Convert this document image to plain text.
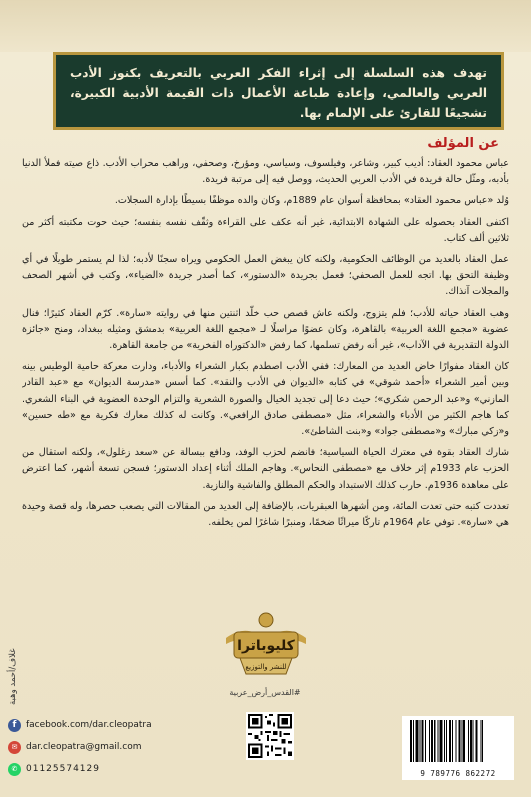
تهدف هذه السلسلة إلى إثراء الفكر العربي بالتعريف بكنوز الأدب العربي والعالمي، وإعادة طباعة الأعمال ذات القيمة الأدبية الكبيرة، تشجيعًا للقارئ على الإلمام بها.

عن المؤلف

عباس محمود العقاد: أديب كبير، وشاعر، وفيلسوف، وسياسي، ومؤرخ، وصحفي، وراهب محراب الأدب. ذاع صيته فملأ الدنيا بأدبه، ومثّل حالة فريدة في الأدب العربي الحديث، ووصل فيه إلى مرتبة فريدة.

وُلد «عباس محمود العقاد» بمحافظة أسوان عام 1889م، وكان والده موظفًا بسيطًا بإدارة السجلات.

اكتفى العقاد بحصوله على الشهادة الابتدائية، غير أنه عكف على القراءة وثقّف نفسه بنفسه؛ حيث حوت مكتبته أكثر من ثلاثين ألف كتاب.

عمل العقاد بالعديد من الوظائف الحكومية، ولكنه كان يبغض العمل الحكومي ويراه سجنًا لأدبه؛ لذا لم يستمر طويلًا في أي وظيفة التحق بها. اتجه للعمل الصحفي؛ فعمل بجريدة «الدستور»، كما أصدر جريدة «الضياء»، وكتب في أشهر الصحف والمجلات آنذاك.

وهب العقاد حياته للأدب؛ فلم يتزوج، ولكنه عاش قصص حب خلّد اثنتين منها في روايته «سارة». كرّم العقاد كثيرًا؛ فنال عضوية «مجمع اللغة العربية» بالقاهرة، وكان عضوًا مراسلًا لـ «مجمع اللغة العربية» بدمشق ومثيله ببغداد، ومنح «جائزة الدولة التقديرية في الآداب»، غير أنه رفض تسلمها، كما رفض «الدكتوراه الفخرية» من جامعة القاهرة.

كان العقاد مفوارًا خاض العديد من المعارك: ففي الأدب اصطدم بكبار الشعراء والأدباء، ودارت معركة حامية الوطيس بينه وبين أمير الشعراء «أحمد شوقي» في كتابه «الديوان في الأدب والنقد». كما أسس «مدرسة الديوان» مع «عبد القادر المازني» و«عبد الرحمن شكري»؛ حيث دعا إلى تجديد الخيال والصورة الشعرية والتزام الوحدة العضوية في البناء الشعري. كما هاجم الكثير من الأدباء والشعراء، مثل «مصطفى صادق الرافعي». وكانت له كذلك معارك فكرية مع «طه حسين» و«زكي مبارك» و«مصطفى جواد» و«بنت الشاطئ».

شارك العقاد بقوة في معترك الحياة السياسية؛ فانضم لحزب الوفد، ودافع ببسالة عن «سعد زغلول»، ولكنه استقال من الحزب عام 1933م إثر خلاف مع «مصطفى النحاس». وهاجم الملك أثناء إعداد الدستور؛ فسجن تسعة أشهر، كما اعترض على معاهدة 1936م. حارب كذلك الاستبداد والحكم المطلق والفاشية والنازية.

تعددت كتبه حتى تعدت المائة، ومن أشهرها العبقريات، بالإضافة إلى العديد من المقالات التي يصعب حصرها، وله قصة وحيدة هي «سارة». توفي عام 1964م تاركًا ميراثًا ضخمًا، ومنبرًا شاغرًا لمن يخلفه.

غلاف/أحمد وهبة
كليوباترا
للنشر والتوزيع
#القدس_أرض_عربية
f	facebook.com/dar.cleopatra
✉ dar.cleopatra@gmail.com
✆ 01125574129	9 789776 862272
